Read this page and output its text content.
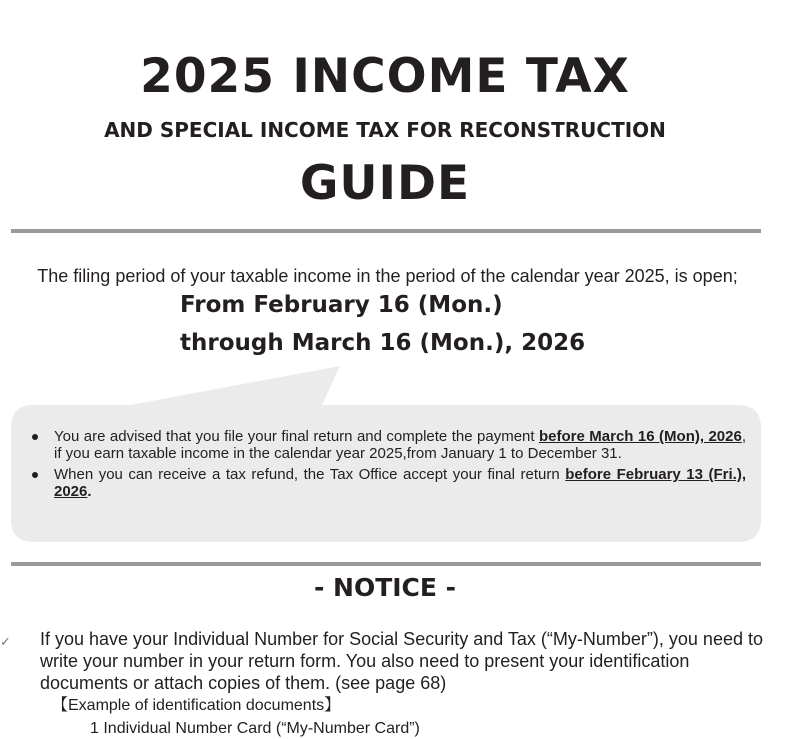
2025 INCOME TAX
AND SPECIAL INCOME TAX FOR RECONSTRUCTION
GUIDE
The filing period of your taxable income in the period of the calendar year 2025, is open;
From February 16 (Mon.)
through March 16 (Mon.), 2026
You are advised that you file your final return and complete the payment before March 16 (Mon), 2026, if you earn taxable income in the calendar year 2025,from January 1 to December 31.
When you can receive a tax refund, the Tax Office accept your final return before February 13 (Fri.), 2026.
- NOTICE -
✓ If you have your Individual Number for Social Security and Tax (“My-Number”), you need to write your number in your return form. You also need to present your identification documents or attach copies of them. (see page 68)
【Example of identification documents】
1 Individual Number Card (“My-Number Card”)
